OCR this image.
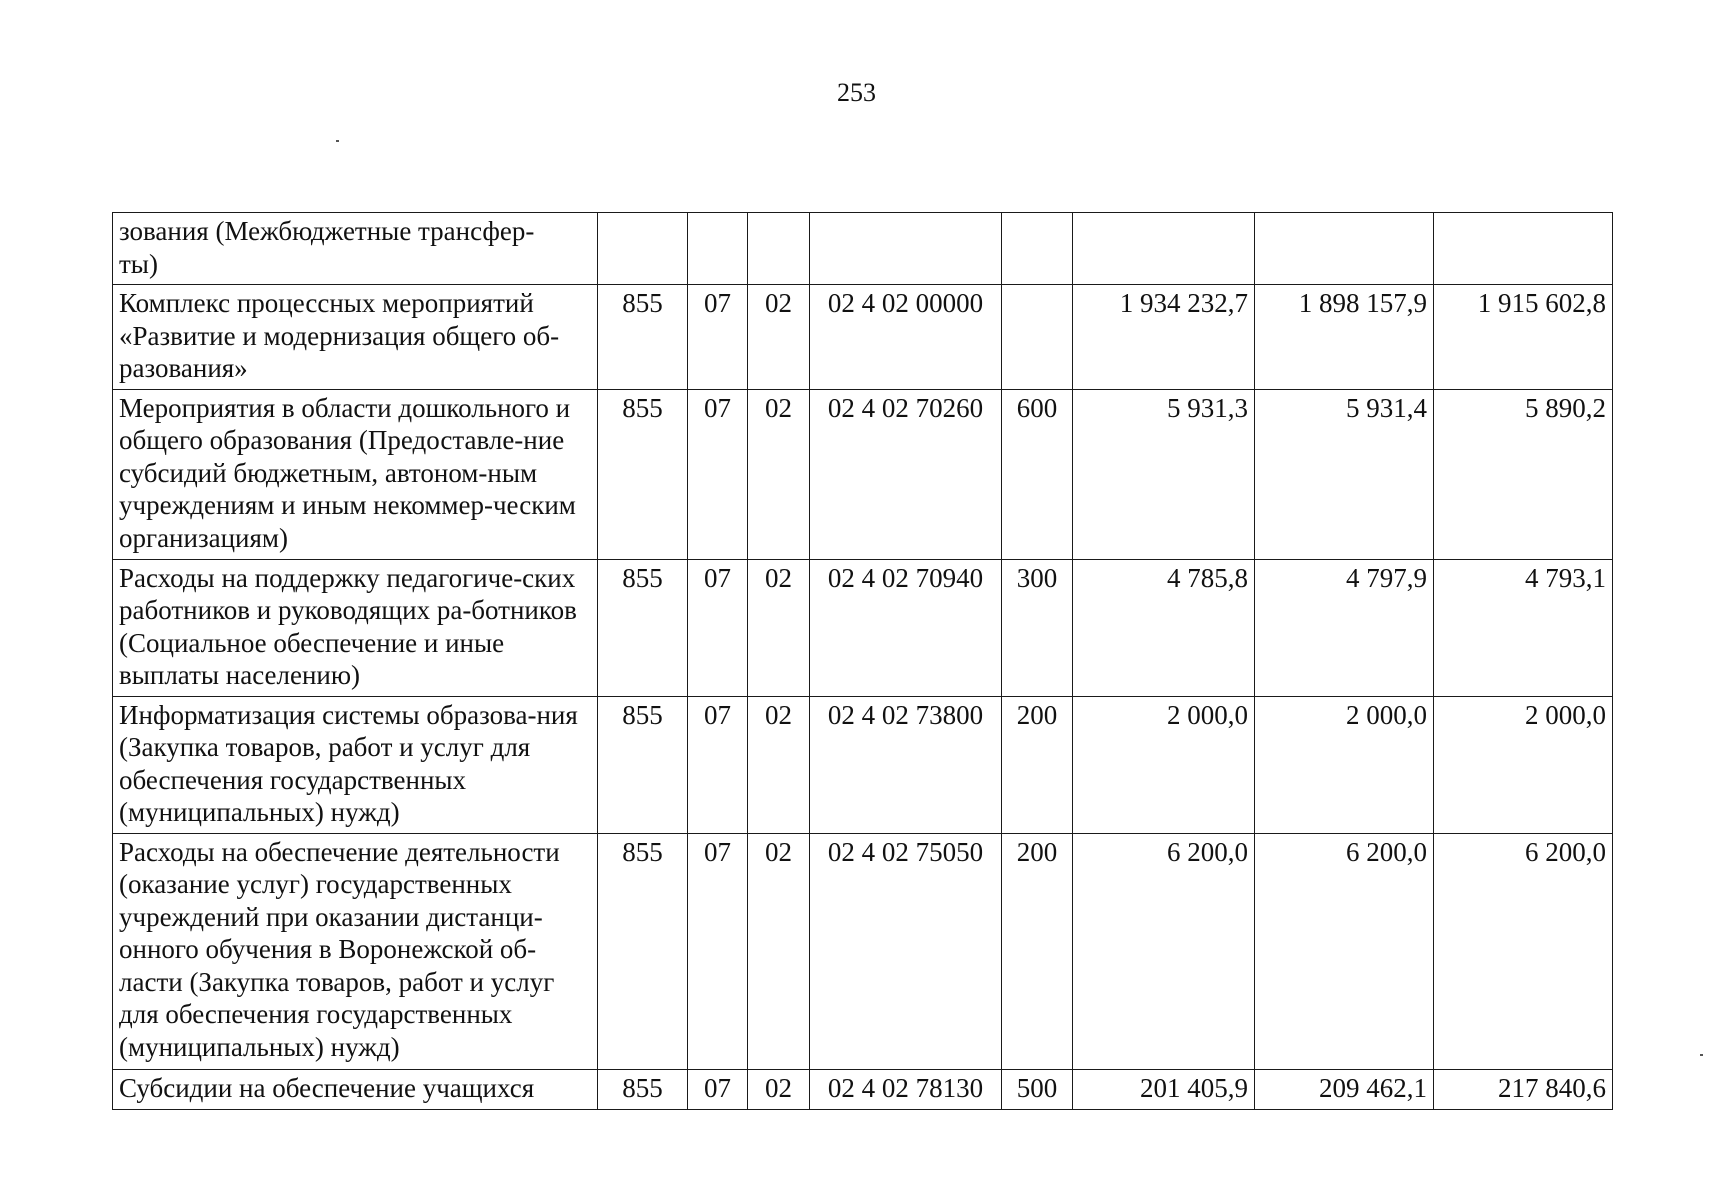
253
зования (Межбюджетные трансфер-
ты)								
Комплекс процессных мероприятий «Развитие и модернизация общего об-разования»	855	07	02	02 4 02 00000		1 934 232,7	1 898 157,9	1 915 602,8
Мероприятия в области дошкольного и общего образования (Предоставле-ние субсидий бюджетным, автоном-ным учреждениям и иным некоммер-ческим организациям)	855	07	02	02 4 02 70260	600	5 931,3	5 931,4	5 890,2
Расходы на поддержку педагогиче-ских работников и руководящих ра-ботников (Социальное обеспечение и иные выплаты населению)	855	07	02	02 4 02 70940	300	4 785,8	4 797,9	4 793,1
Информатизация системы образова-ния (Закупка товаров, работ и услуг для обеспечения государственных (муниципальных) нужд)	855	07	02	02 4 02 73800	200	2 000,0	2 000,0	2 000,0
Расходы на обеспечение деятельности (оказание услуг) государственных учреждений при оказании дистанци-онного обучения в Воронежской об-ласти (Закупка товаров, работ и услуг для обеспечения государственных (муниципальных) нужд)	855	07	02	02 4 02 75050	200	6 200,0	6 200,0	6 200,0
Субсидии на обеспечение учащихся	855	07	02	02 4 02 78130	500	201 405,9	209 462,1	217 840,6
